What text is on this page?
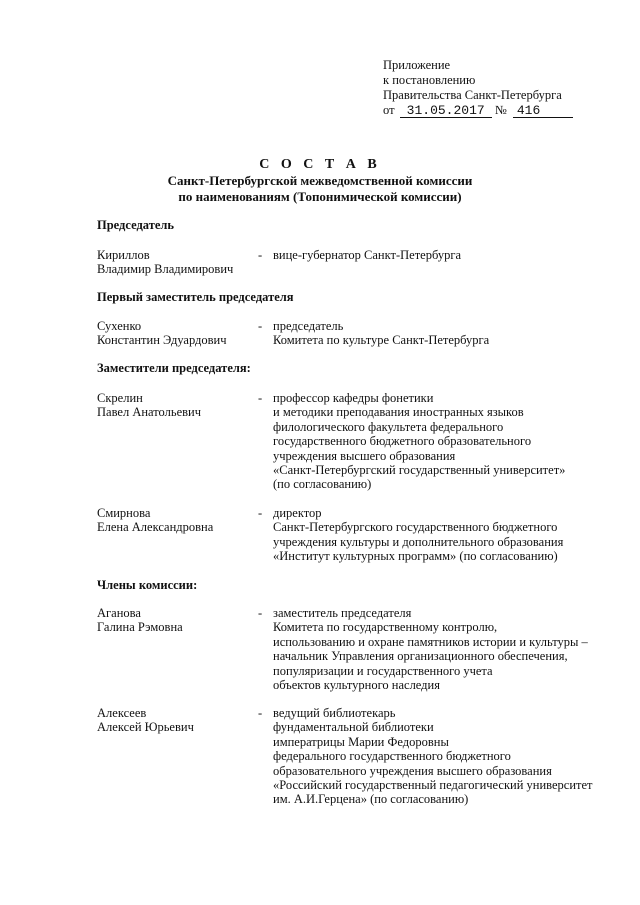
Приложение
к постановлению
Правительства Санкт-Петербурга
от 31.05.2017 № 416
С О С Т А В
Санкт-Петербургской межведомственной комиссии
по наименованиям (Топонимической комиссии)
Председатель
Кириллов
Владимир Владимирович
- вице-губернатор Санкт-Петербурга
Первый заместитель председателя
Сухенко
Константин Эдуардович
- председатель
Комитета по культуре Санкт-Петербурга
Заместители председателя:
Скрелин
Павел Анатольевич
- профессор кафедры фонетики
и методики преподавания иностранных языков
филологического факультета федерального
государственного бюджетного образовательного
учреждения высшего образования
«Санкт-Петербургский государственный университет»
(по согласованию)
Смирнова
Елена Александровна
- директор
Санкт-Петербургского государственного бюджетного
учреждения культуры и дополнительного образования
«Институт культурных программ» (по согласованию)
Члены комиссии:
Аганова
Галина Рэмовна
- заместитель председателя
Комитета по государственному контролю,
использованию и охране памятников истории и культуры –
начальник Управления организационного обеспечения,
популяризации и государственного учета
объектов культурного наследия
Алексеев
Алексей Юрьевич
- ведущий библиотекарь
фундаментальной библиотеки
императрицы Марии Федоровны
федерального государственного бюджетного
образовательного учреждения высшего образования
«Российский государственный педагогический университет
им. А.И.Герцена» (по согласованию)
